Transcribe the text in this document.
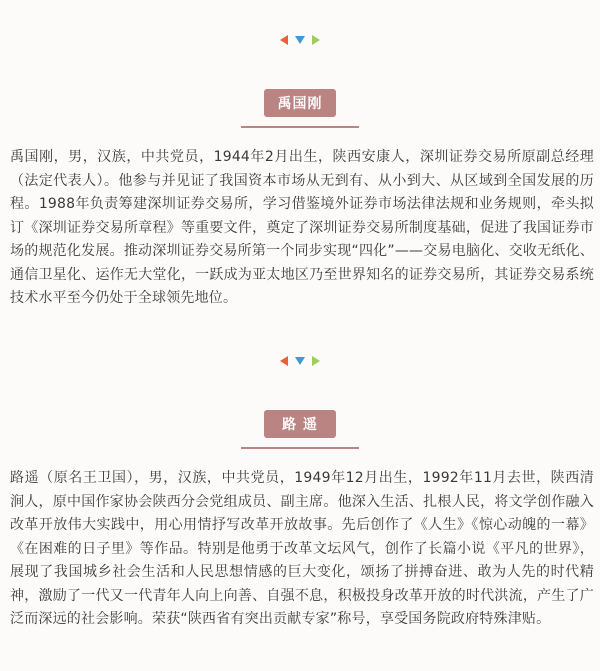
禹国刚

禹国刚，男，汉族，中共党员，1944年2月出生，陕西安康人，深圳证券交易所原副总经理（法定代表人）。他参与并见证了我国资本市场从无到有、从小到大、从区域到全国发展的历程。1988年负责筹建深圳证券交易所，学习借鉴境外证券市场法律法规和业务规则，牵头拟订《深圳证券交易所章程》等重要文件，奠定了深圳证券交易所制度基础，促进了我国证券市场的规范化发展。推动深圳证券交易所第一个同步实现“四化”——交易电脑化、交收无纸化、通信卫星化、运作无大堂化，一跃成为亚太地区乃至世界知名的证券交易所，其证券交易系统技术水平至今仍处于全球领先地位。

路 遥

路遥（原名王卫国），男，汉族，中共党员，1949年12月出生，1992年11月去世，陕西清涧人，原中国作家协会陕西分会党组成员、副主席。他深入生活、扎根人民，将文学创作融入改革开放伟大实践中，用心用情抒写改革开放故事。先后创作了《人生》《惊心动魄的一幕》《在困难的日子里》等作品。特别是他勇于改革文坛风气，创作了长篇小说《平凡的世界》，展现了我国城乡社会生活和人民思想情感的巨大变化，颂扬了拼搏奋进、敢为人先的时代精神，激励了一代又一代青年人向上向善、自强不息，积极投身改革开放的时代洪流，产生了广泛而深远的社会影响。荣获“陕西省有突出贡献专家”称号，享受国务院政府特殊津贴。
